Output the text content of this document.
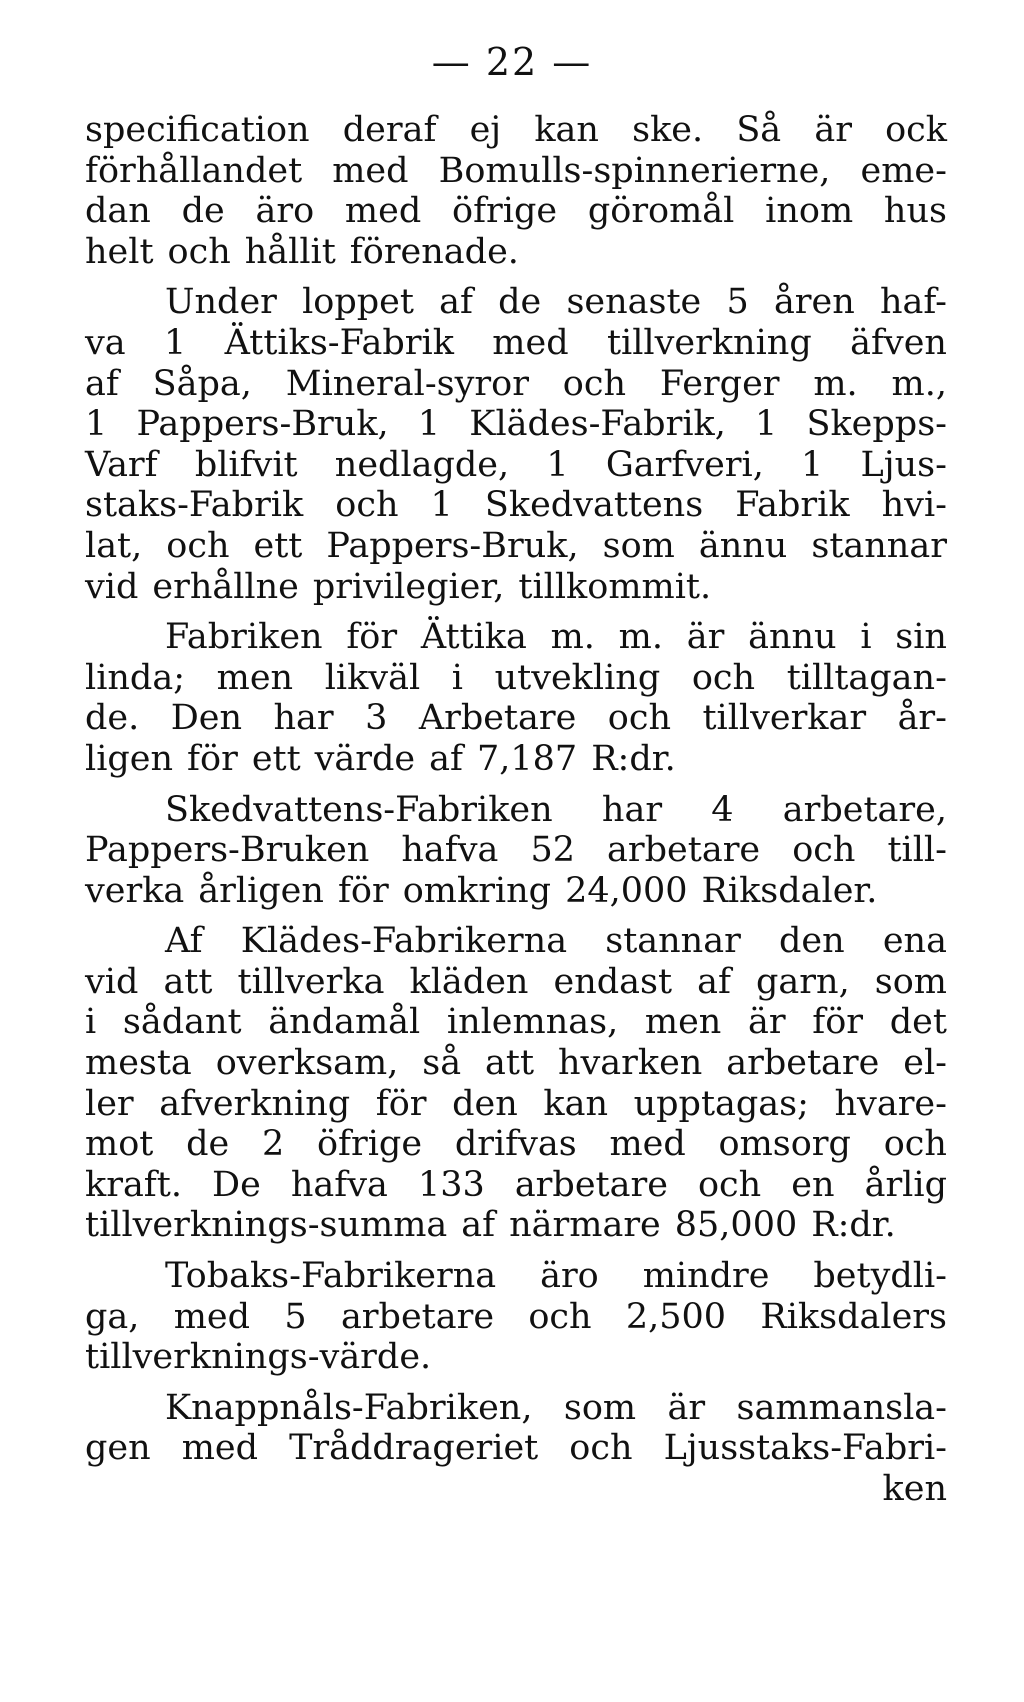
— 22 —
specification deraf ej kan ske. Så är ock
förhållandet med Bomulls-spinnerierne, eme-
dan de äro med öfrige göromål inom hus
helt och hållit förenade.
Under loppet af de senaste 5 åren haf-
va 1 Ättiks-Fabrik med tillverkning äfven
af Såpa, Mineral-syror och Ferger m. m.,
1 Pappers-Bruk, 1 Klädes-Fabrik, 1 Skepps-
Varf blifvit nedlagde, 1 Garfveri, 1 Ljus-
staks-Fabrik och 1 Skedvattens Fabrik hvi-
lat, och ett Pappers-Bruk, som ännu stannar
vid erhållne privilegier, tillkommit.
Fabriken för Ättika m. m. är ännu i sin
linda; men likväl i utvekling och tilltagan-
de. Den har 3 Arbetare och tillverkar år-
ligen för ett värde af 7,187 R:dr.
Skedvattens-Fabriken har 4 arbetare,
Pappers-Bruken hafva 52 arbetare och till-
verka årligen för omkring 24,000 Riksdaler.
Af Klädes-Fabrikerna stannar den ena
vid att tillverka kläden endast af garn, som
i sådant ändamål inlemnas, men är för det
mesta overksam, så att hvarken arbetare el-
ler afverkning för den kan upptagas; hvare-
mot de 2 öfrige drifvas med omsorg och
kraft. De hafva 133 arbetare och en årlig
tillverknings-summa af närmare 85,000 R:dr.
Tobaks-Fabrikerna äro mindre betydli-
ga, med 5 arbetare och 2,500 Riksdalers
tillverknings-värde.
Knappnåls-Fabriken, som är sammansla-
gen med Tråddrageriet och Ljusstaks-Fabri-
ken
